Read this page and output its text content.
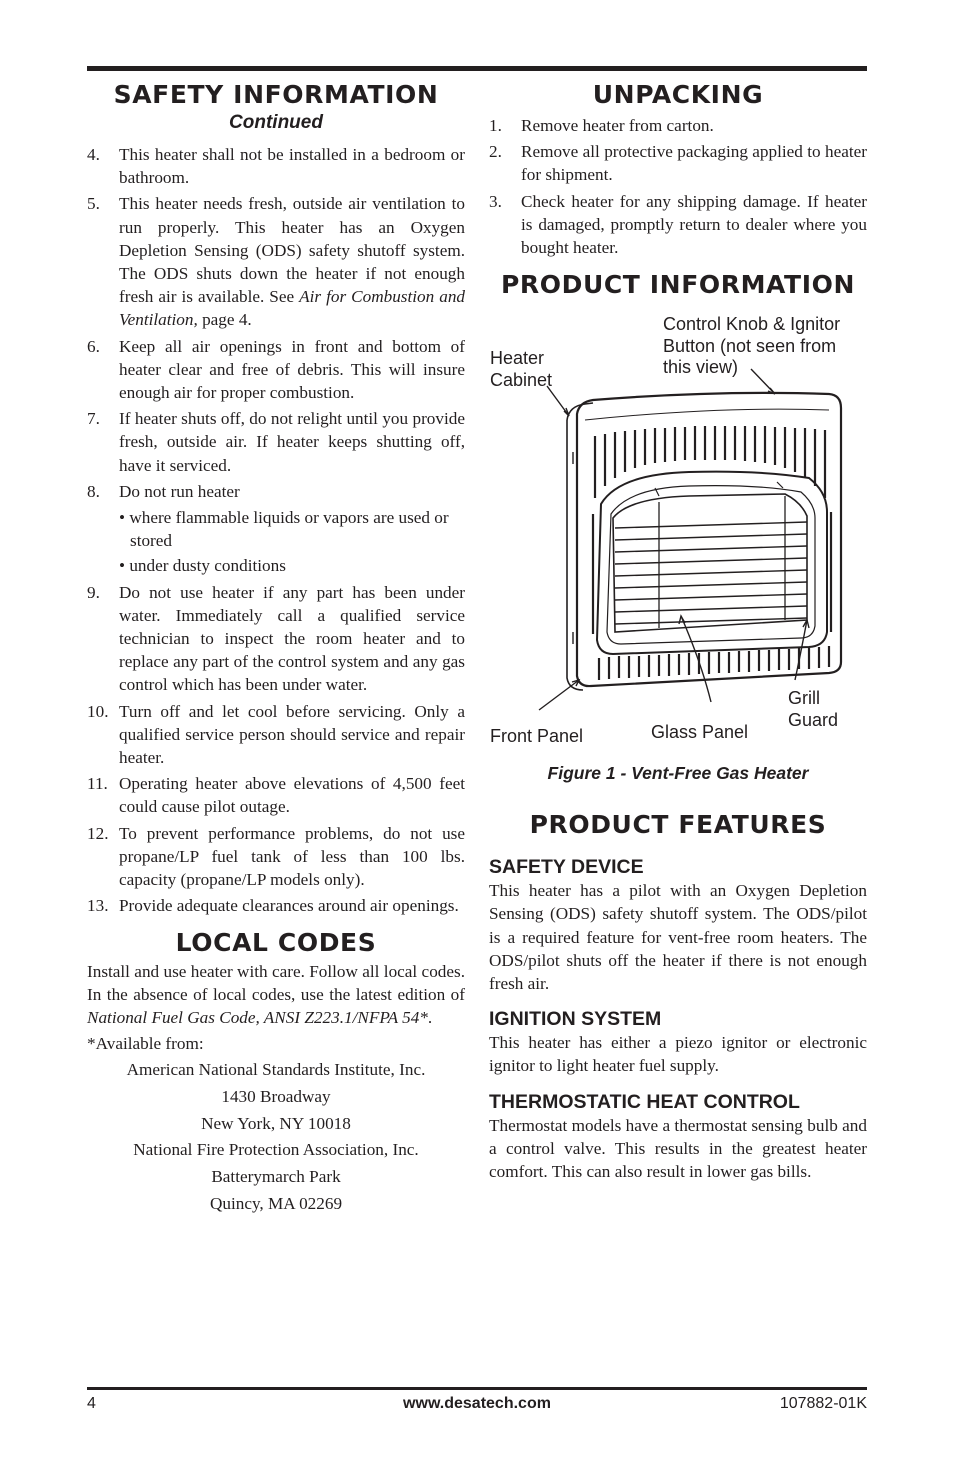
SAFETY INFORMATION
Continued
4. This heater shall not be installed in a bedroom or bathroom.
5. This heater needs fresh, outside air ventilation to run properly. This heater has an Oxygen Depletion Sensing (ODS) safety shutoff system. The ODS shuts down the heater if not enough fresh air is available. See Air for Combustion and Ventilation, page 4.
6. Keep all air openings in front and bottom of heater clear and free of debris. This will insure enough air for proper combustion.
7. If heater shuts off, do not relight until you provide fresh, outside air. If heater keeps shutting off, have it serviced.
8. Do not run heater
• where flammable liquids or vapors are used or stored
• under dusty conditions
9. Do not use heater if any part has been under water. Immediately call a qualified service technician to inspect the room heater and to replace any part of the control system and any gas control which has been under water.
10. Turn off and let cool before servicing. Only a qualified service person should service and repair heater.
11. Operating heater above elevations of 4,500 feet could cause pilot outage.
12. To prevent performance problems, do not use propane/LP fuel tank of less than 100 lbs. capacity (propane/LP models only).
13. Provide adequate clearances around air openings.
LOCAL CODES

Install and use heater with care. Follow all local codes. In the absence of local codes, use the latest edition of National Fuel Gas Code, ANSI Z223.1/NFPA 54*.

*Available from:

American National Standards Institute, Inc.
1430 Broadway
New York, NY 10018
National Fire Protection Association, Inc.
Batterymarch Park
Quincy, MA 02269
UNPACKING
1. Remove heater from carton.
2. Remove all protective packaging applied to heater for shipment.
3. Check heater for any shipping damage. If heater is damaged, promptly return to dealer where you bought heater.
PRODUCT INFORMATION
Control Knob & Ignitor Button (not seen from this view)
Heater Cabinet
Grill Guard
Front Panel	Glass Panel
Figure 1 - Vent-Free Gas Heater
PRODUCT FEATURES
SAFETY DEVICE

This heater has a pilot with an Oxygen Depletion Sensing (ODS) safety shutoff system. The ODS/pilot is a required feature for vent-free room heaters. The ODS/pilot shuts off the heater if there is not enough fresh air.

IGNITION SYSTEM

This heater has either a piezo ignitor or electronic ignitor to light heater fuel supply.

THERMOSTATIC HEAT CONTROL

Thermostat models have a thermostat sensing bulb and a control valve. This results in the greatest heater comfort. This can also result in lower gas bills.

4	www.desatech.com	107882-01K
